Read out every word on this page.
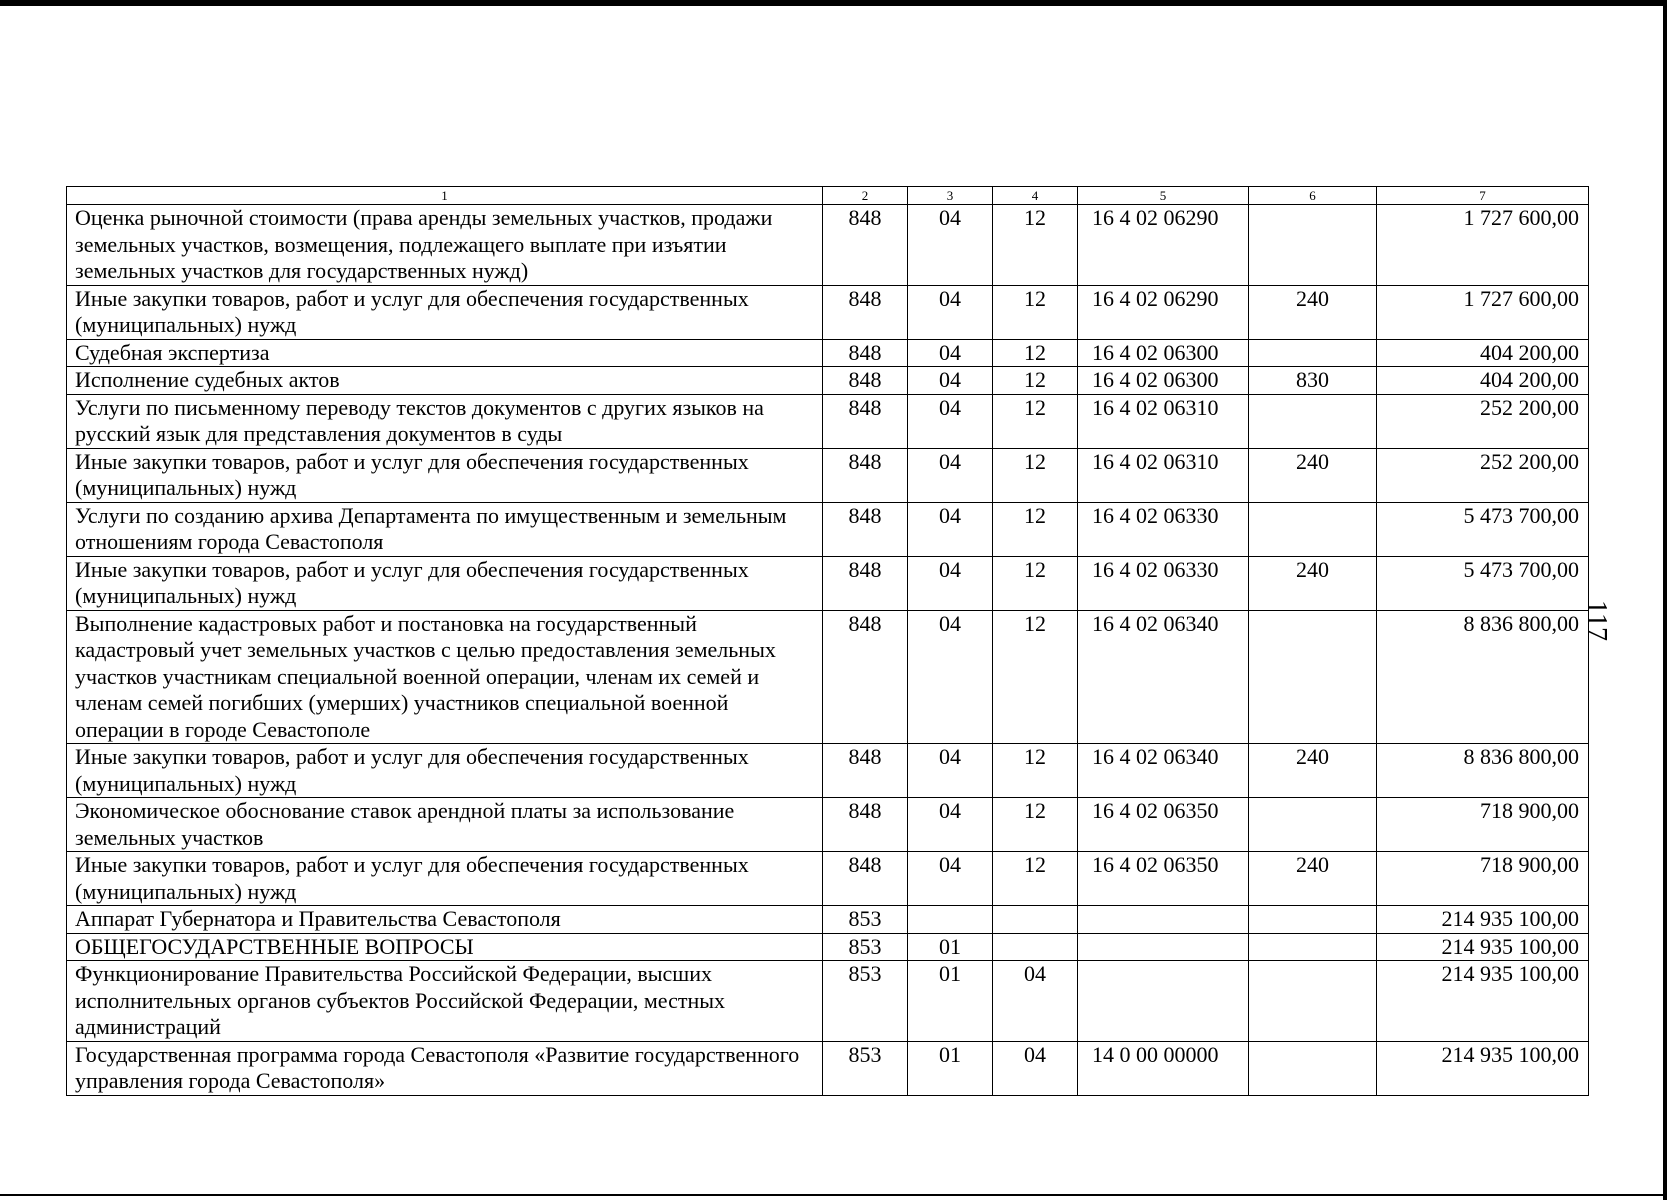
117
1	2	3	4	5	6	7
Оценка рыночной стоимости (права аренды земельных участков, продажи земельных участков, возмещения, подлежащего выплате при изъятии земельных участков для государственных нужд)	848	04	12	16 4 02 06290		1 727 600,00
Иные закупки товаров, работ и услуг для обеспечения государственных (муниципальных) нужд	848	04	12	16 4 02 06290	240	1 727 600,00
Судебная экспертиза	848	04	12	16 4 02 06300		404 200,00
Исполнение судебных актов	848	04	12	16 4 02 06300	830	404 200,00
Услуги по письменному переводу текстов документов с других языков на русский язык для представления документов в суды	848	04	12	16 4 02 06310		252 200,00
Иные закупки товаров, работ и услуг для обеспечения государственных (муниципальных) нужд	848	04	12	16 4 02 06310	240	252 200,00
Услуги по созданию архива Департамента по имущественным и земельным отношениям города Севастополя	848	04	12	16 4 02 06330		5 473 700,00
Иные закупки товаров, работ и услуг для обеспечения государственных (муниципальных) нужд	848	04	12	16 4 02 06330	240	5 473 700,00
Выполнение кадастровых работ и постановка на государственный кадастровый учет земельных участков с целью предоставления земельных участков участникам специальной военной операции, членам их семей и членам семей погибших (умерших) участников специальной военной операции в городе Севастополе	848	04	12	16 4 02 06340		8 836 800,00
Иные закупки товаров, работ и услуг для обеспечения государственных (муниципальных) нужд	848	04	12	16 4 02 06340	240	8 836 800,00
Экономическое обоснование ставок арендной платы за использование земельных участков	848	04	12	16 4 02 06350		718 900,00
Иные закупки товаров, работ и услуг для обеспечения государственных (муниципальных) нужд	848	04	12	16 4 02 06350	240	718 900,00
Аппарат Губернатора и Правительства Севастополя	853					214 935 100,00
ОБЩЕГОСУДАРСТВЕННЫЕ ВОПРОСЫ	853	01				214 935 100,00
Функционирование Правительства Российской Федерации, высших исполнительных органов субъектов Российской Федерации, местных администраций	853	01	04			214 935 100,00
Государственная программа города Севастополя «Развитие государственного управления города Севастополя»	853	01	04	14 0 00 00000		214 935 100,00
